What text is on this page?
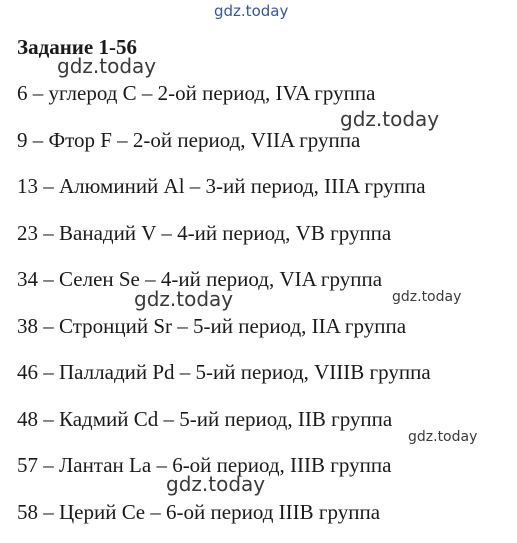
gdz.today
Задание 1-56
6 – углерод С – 2-ой период, IVA группа
9 – Фтор F – 2-ой период, VIIA группа
13 – Алюминий Al – 3-ий период, IIIA группа
23 – Ванадий V – 4-ий период, VB группа
34 – Селен Se – 4-ий период, VIA группа
38 – Стронций Sr – 5-ий период, IIA группа
46 – Палладий Pd – 5-ий период, VIIIB группа
48 – Кадмий Cd – 5-ий период, IIB группа
57 – Лантан La – 6-ой период, IIIB группа
58 – Церий Ce – 6-ой период IIIB группа
gdz.today
gdz.today
gdz.today	gdz.today
gdz.today
gdz.today
